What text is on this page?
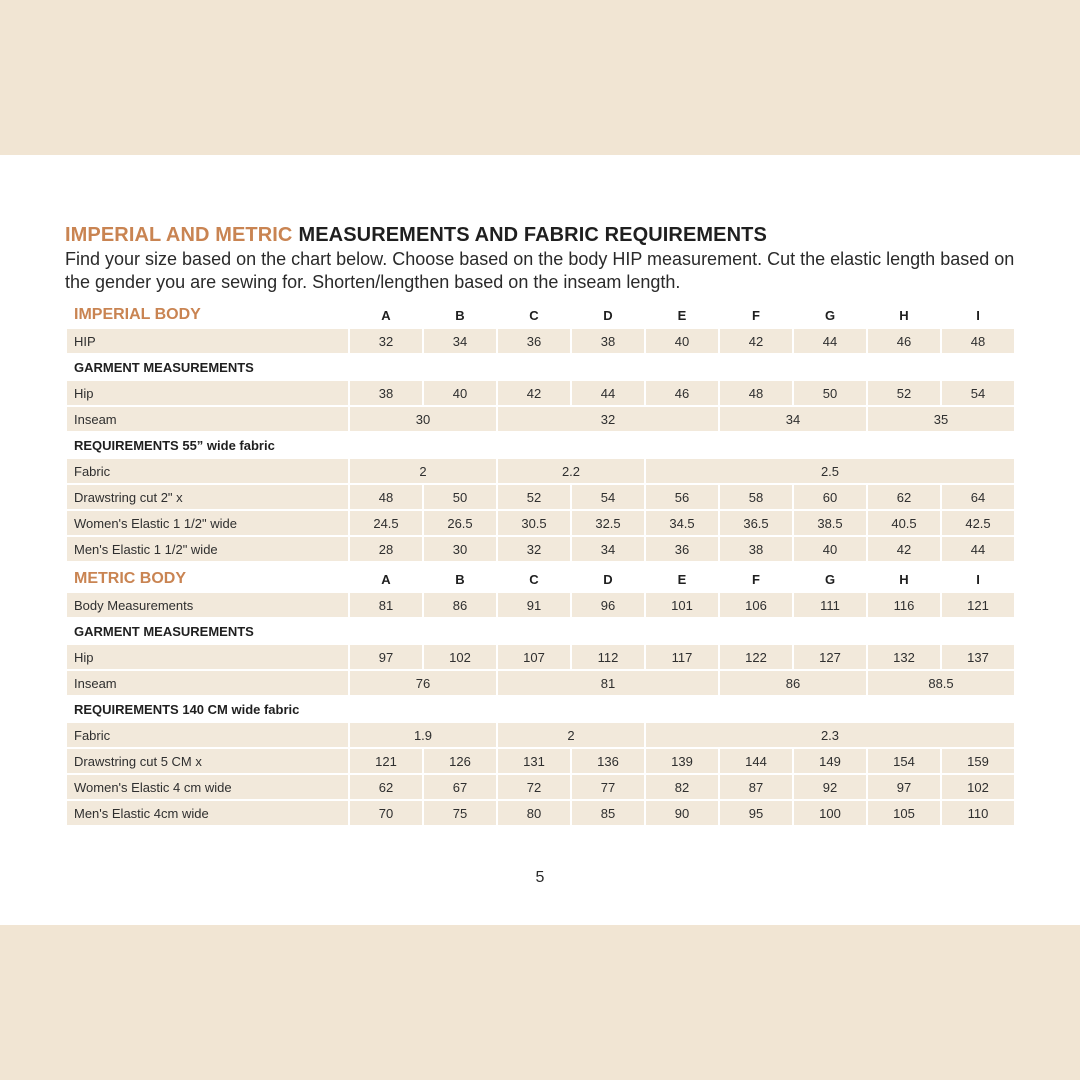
IMPERIAL AND METRIC MEASUREMENTS AND FABRIC REQUIREMENTS
Find your size based on the chart below. Choose based on the body HIP measurement. Cut the elastic length based on the gender you are sewing for. Shorten/lengthen based on the inseam length.
IMPERIAL BODY	A	B	C	D	E	F	G	H	I
HIP	32	34	36	38	40	42	44	46	48
GARMENT MEASUREMENTS
Hip	38	40	42	44	46	48	50	52	54
Inseam	30	32	34	35
REQUIREMENTS 55” wide fabric
Fabric	2	2.2	2.5
Drawstring cut 2" x	48	50	52	54	56	58	60	62	64
Women's Elastic 1 1/2" wide	24.5	26.5	30.5	32.5	34.5	36.5	38.5	40.5	42.5
Men's Elastic 1 1/2" wide	28	30	32	34	36	38	40	42	44
METRIC BODY	A	B	C	D	E	F	G	H	I
Body Measurements	81	86	91	96	101	106	111	116	121
GARMENT MEASUREMENTS
Hip	97	102	107	112	117	122	127	132	137
Inseam	76	81	86	88.5
REQUIREMENTS 140 CM wide fabric
Fabric	1.9	2	2.3
Drawstring cut 5 CM x	121	126	131	136	139	144	149	154	159
Women's Elastic 4 cm wide	62	67	72	77	82	87	92	97	102
Men's Elastic 4cm wide	70	75	80	85	90	95	100	105	110
5
